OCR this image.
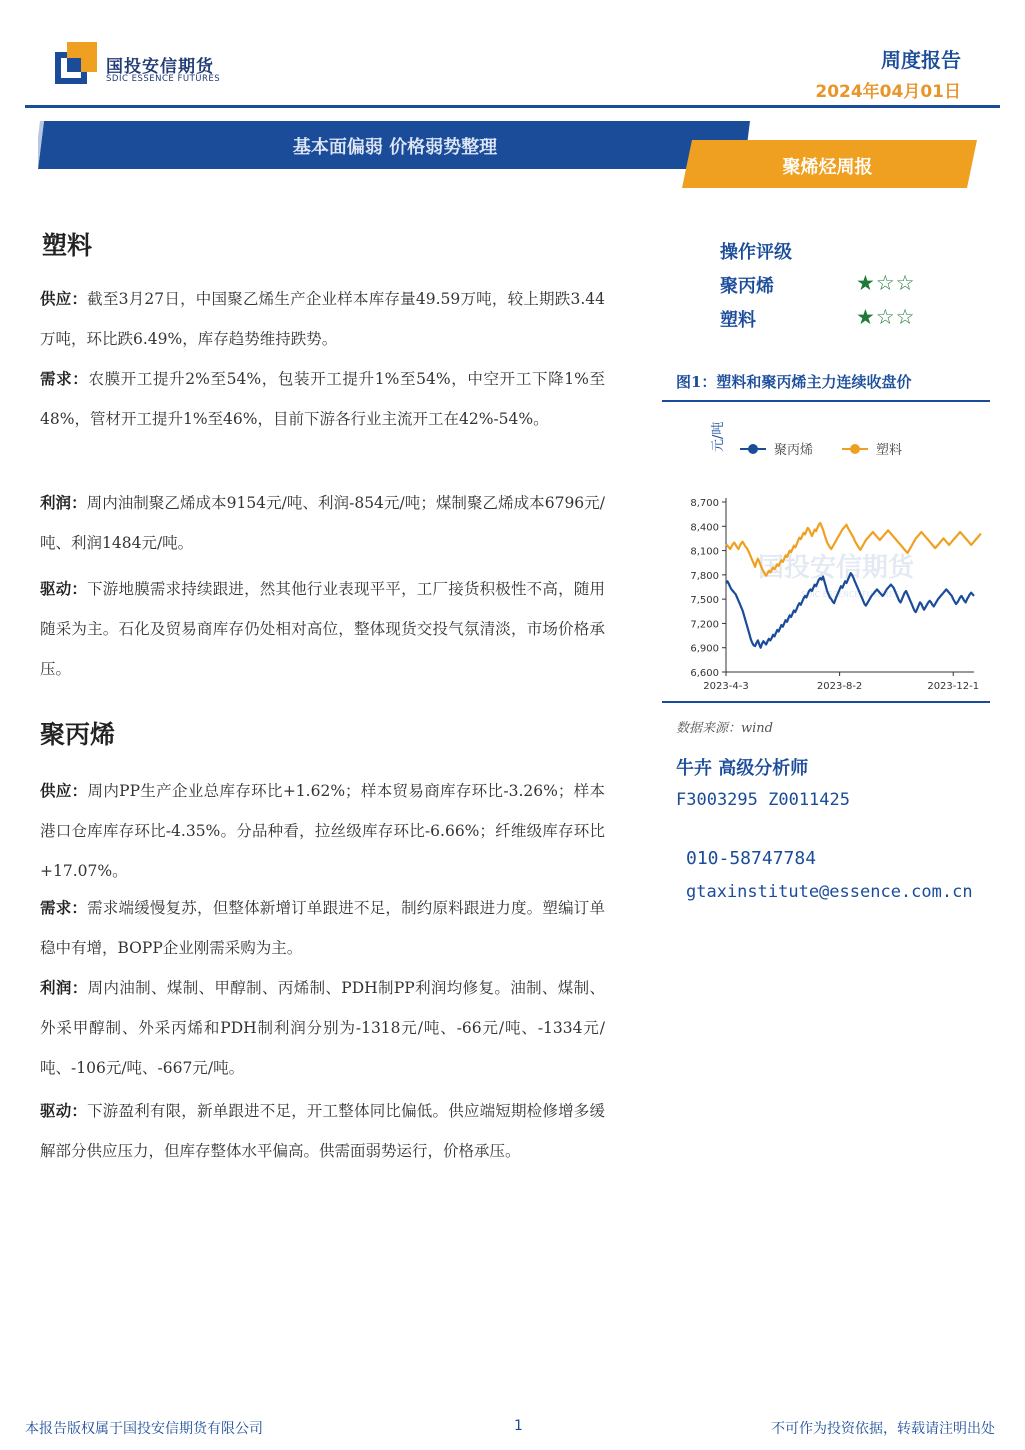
国投安信期货
SDIC ESSENCE FUTURES
周度报告
2024年04月01日
基本面偏弱 价格弱势整理
聚烯烃周报
塑料
供应：截至3月27日，中国聚乙烯生产企业样本库存量49.59万吨，较上期跌3.44万吨，环比跌6.49%，库存趋势维持跌势。
需求：农膜开工提升2%至54%，包装开工提升1%至54%，中空开工下降1%至48%，管材开工提升1%至46%，目前下游各行业主流开工在42%-54%。
利润：周内油制聚乙烯成本9154元/吨、利润-854元/吨；煤制聚乙烯成本6796元/吨、利润1484元/吨。
驱动：下游地膜需求持续跟进，然其他行业表现平平，工厂接货积极性不高，随用随采为主。石化及贸易商库存仍处相对高位，整体现货交投气氛清淡，市场价格承压。
聚丙烯
供应：周内PP生产企业总库存环比+1.62%；样本贸易商库存环比-3.26%；样本港口仓库库存环比-4.35%。分品种看，拉丝级库存环比-6.66%；纤维级库存环比+17.07%。
需求：需求端缓慢复苏，但整体新增订单跟进不足，制约原料跟进力度。塑编订单稳中有增，BOPP企业刚需采购为主。
利润：周内油制、煤制、甲醇制、丙烯制、PDH制PP利润均修复。油制、煤制、外采甲醇制、外采丙烯和PDH制利润分别为-1318元/吨、-66元/吨、-1334元/吨、-106元/吨、-667元/吨。
驱动：下游盈利有限，新单跟进不足，开工整体同比偏低。供应端短期检修增多缓解部分供应压力，但库存整体水平偏高。供需面弱势运行，价格承压。
操作评级
聚丙烯	★☆☆
塑料	★☆☆
图1：塑料和聚丙烯主力连续收盘价
国投安信期货
SDIC ESSENCE FUTURES
元/吨
6,600
6,900
7,200
7,500
7,800
8,100
8,400
8,700
2023-4-3	2023-8-2	2023-12-1
聚丙烯	塑料
数据来源：wind
牛卉 高级分析师
F3003295 Z0011425
010-58747784
gtaxinstitute@essence.com.cn
本报告版权属于国投安信期货有限公司	1	不可作为投资依据，转载请注明出处
